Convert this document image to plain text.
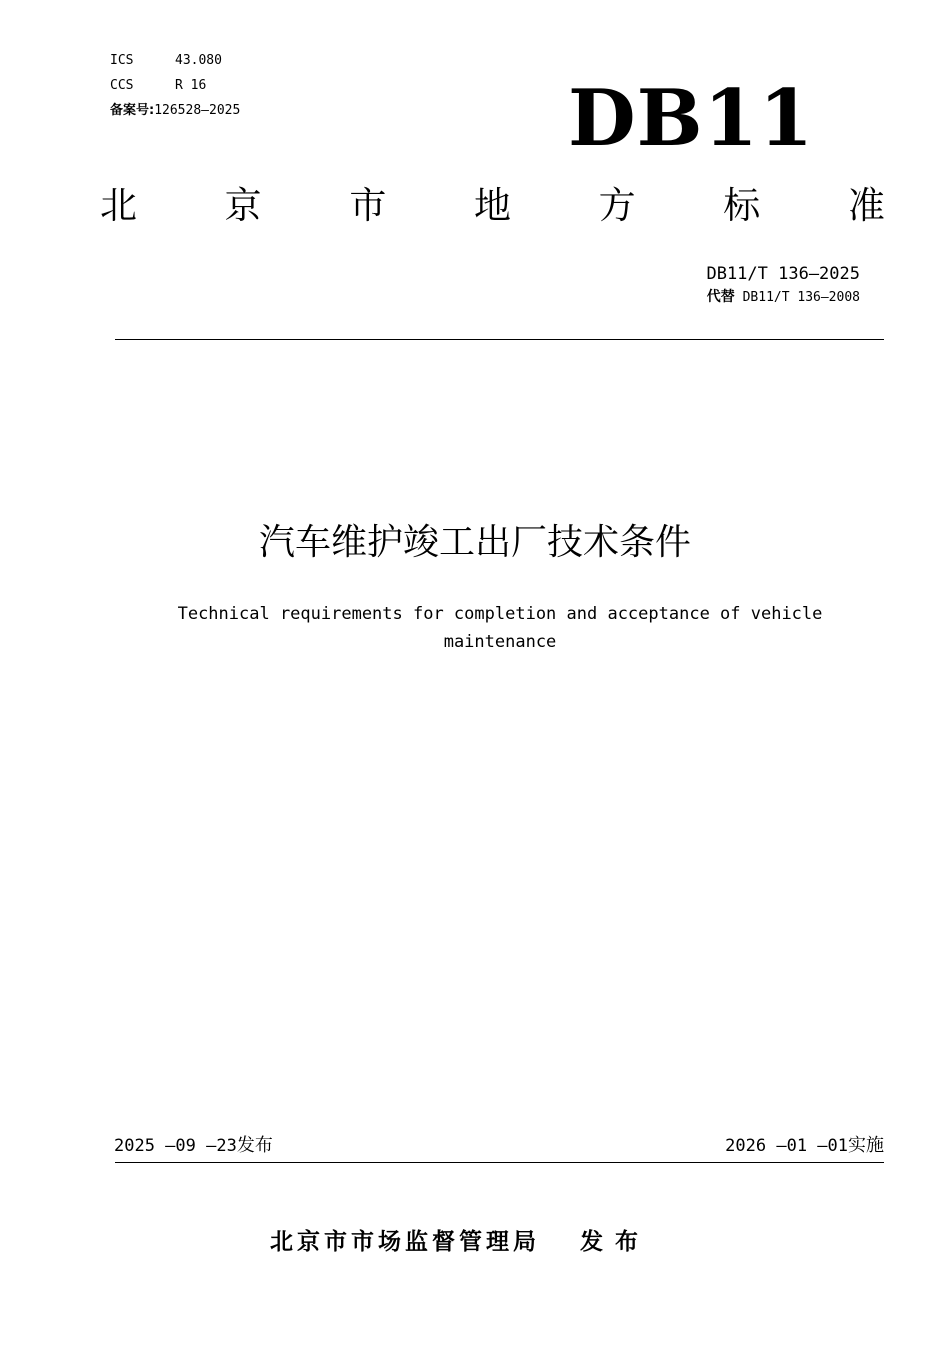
ICS	43.080
CCS	R 16
备案号: 126528—2025	DB11
北 京 市 地 方 标 准
DB11/T 136—2025
代替 DB11/T 136—2008
汽车维护竣工出厂技术条件
Technical requirements for completion and acceptance of vehicle maintenance
2025 —09 —23发布	2026 —01 —01实施
北京市市场监督管理局 发布
